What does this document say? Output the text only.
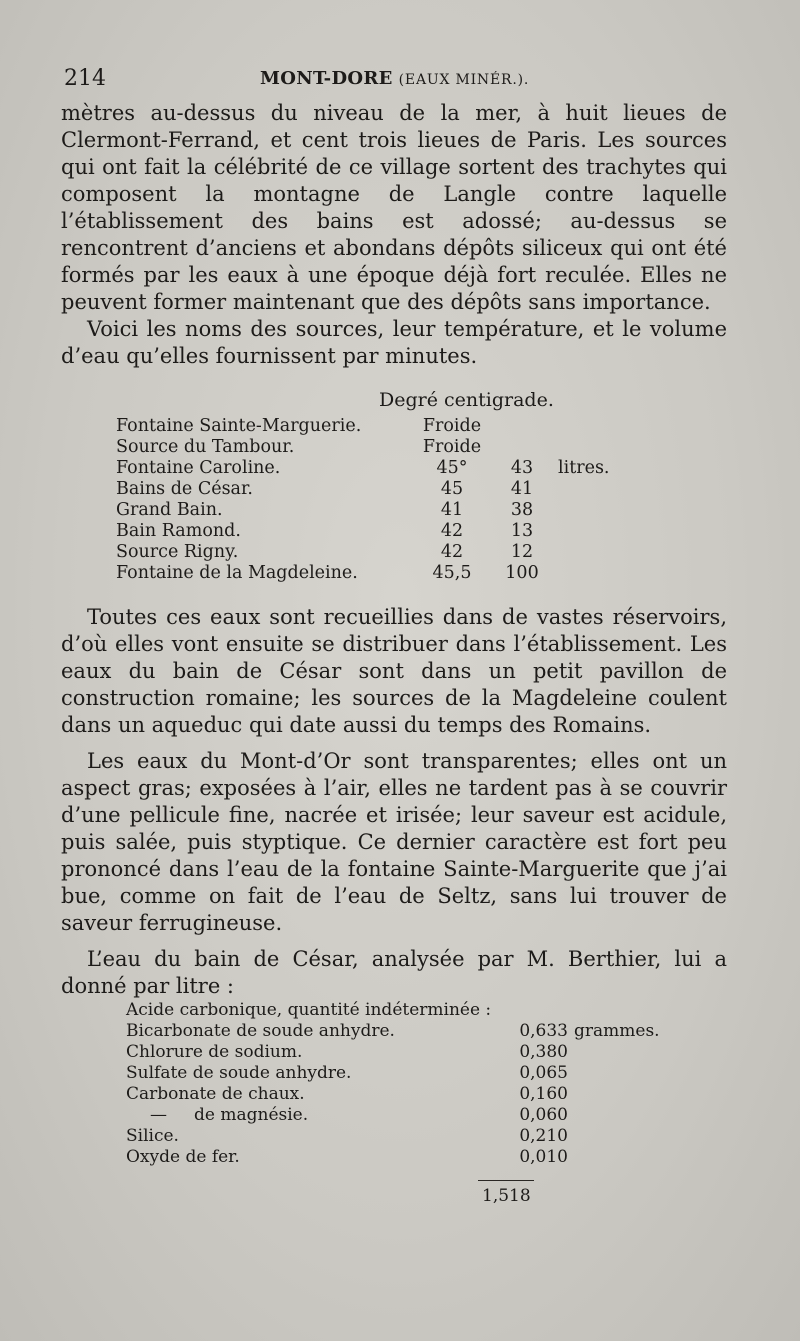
214	MONT-DORE (EAUX MINÉR.).

mètres au-dessus du niveau de la mer, à huit lieues de Clermont-Ferrand, et cent trois lieues de Paris. Les sources qui ont fait la célébrité de ce village sortent des trachytes qui composent la montagne de Langle contre laquelle l’établissement des bains est adossé; au-dessus se rencontrent d’anciens et abondans dépôts siliceux qui ont été formés par les eaux à une époque déjà fort reculée. Elles ne peuvent former maintenant que des dépôts sans importance.

Voici les noms des sources, leur température, et le volume d’eau qu’elles fournissent par minutes.

Degré centigrade.
Fontaine Sainte-Marguerie.	Froide		
Source du Tambour.	Froide		
Fontaine Caroline.	45°	43	litres.
Bains de César.	45	41	
Grand Bain.	41	38	
Bain Ramond.	42	13	
Source Rigny.	42	12	
Fontaine de la Magdeleine.	45,5	100	

Toutes ces eaux sont recueillies dans de vastes réservoirs, d’où elles vont ensuite se distribuer dans l’établissement. Les eaux du bain de César sont dans un petit pavillon de construction romaine; les sources de la Magdeleine coulent dans un aqueduc qui date aussi du temps des Romains.

Les eaux du Mont-d’Or sont transparentes; elles ont un aspect gras; exposées à l’air, elles ne tardent pas à se couvrir d’une pellicule fine, nacrée et irisée; leur saveur est acidule, puis salée, puis styptique. Ce dernier caractère est fort peu prononcé dans l’eau de la fontaine Sainte-Marguerite que j’ai bue, comme on fait de l’eau de Seltz, sans lui trouver de saveur ferrugineuse.

L’eau du bain de César, analysée par M. Berthier, lui a donné par litre :

Acide carbonique, quantité indéterminée :		
Bicarbonate de soude anhydre.	0,633	grammes.
Chlorure de sodium.	0,380	
Sulfate de soude anhydre.	0,065	
Carbonate de chaux.	0,160	
—     de magnésie.	0,060	
Silice.	0,210	
Oxyde de fer.	0,010	
1,518
